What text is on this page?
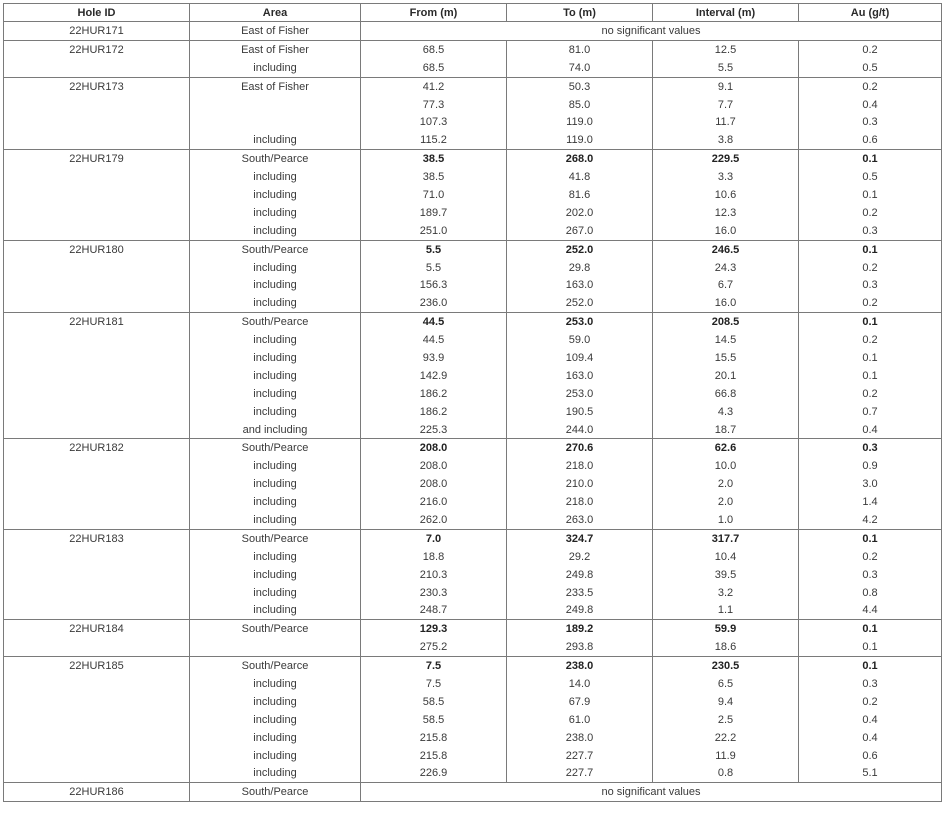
Hole ID	Area	From (m)	To (m)	Interval (m)	Au (g/t)
22HUR171	East of Fisher	no significant values			
22HUR172	East of Fisher	68.5	81.0	12.5	0.2
	including	68.5	74.0	5.5	0.5
22HUR173	East of Fisher	41.2	50.3	9.1	0.2
		77.3	85.0	7.7	0.4
		107.3	119.0	11.7	0.3
	including	115.2	119.0	3.8	0.6
22HUR179	South/Pearce	38.5	268.0	229.5	0.1
	including	38.5	41.8	3.3	0.5
	including	71.0	81.6	10.6	0.1
	including	189.7	202.0	12.3	0.2
	including	251.0	267.0	16.0	0.3
22HUR180	South/Pearce	5.5	252.0	246.5	0.1
	including	5.5	29.8	24.3	0.2
	including	156.3	163.0	6.7	0.3
	including	236.0	252.0	16.0	0.2
22HUR181	South/Pearce	44.5	253.0	208.5	0.1
	including	44.5	59.0	14.5	0.2
	including	93.9	109.4	15.5	0.1
	including	142.9	163.0	20.1	0.1
	including	186.2	253.0	66.8	0.2
	including	186.2	190.5	4.3	0.7
	and including	225.3	244.0	18.7	0.4
22HUR182	South/Pearce	208.0	270.6	62.6	0.3
	including	208.0	218.0	10.0	0.9
	including	208.0	210.0	2.0	3.0
	including	216.0	218.0	2.0	1.4
	including	262.0	263.0	1.0	4.2
22HUR183	South/Pearce	7.0	324.7	317.7	0.1
	including	18.8	29.2	10.4	0.2
	including	210.3	249.8	39.5	0.3
	including	230.3	233.5	3.2	0.8
	including	248.7	249.8	1.1	4.4
22HUR184	South/Pearce	129.3	189.2	59.9	0.1
		275.2	293.8	18.6	0.1
22HUR185	South/Pearce	7.5	238.0	230.5	0.1
	including	7.5	14.0	6.5	0.3
	including	58.5	67.9	9.4	0.2
	including	58.5	61.0	2.5	0.4
	including	215.8	238.0	22.2	0.4
	including	215.8	227.7	11.9	0.6
	including	226.9	227.7	0.8	5.1
22HUR186	South/Pearce	no significant values			
